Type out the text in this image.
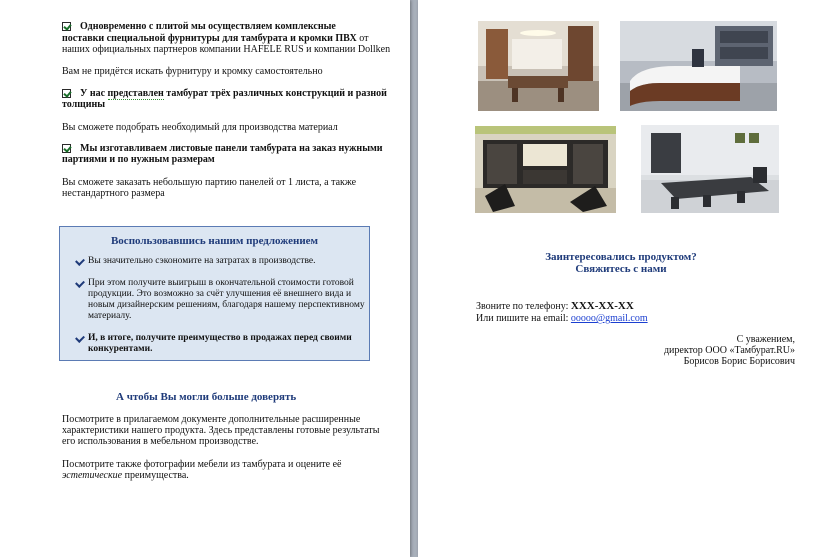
Одновременно с плитой мы осуществляем комплексные
поставки специальной фурнитуры для тамбурата и кромки ПВХ от
наших официальных партнеров компании HAFELE RUS и компании Dollken
Вам не придётся искать фурнитуру и кромку самостоятельно
У нас представлен тамбурат трёх различных конструкций и разной
толщины
Вы сможете подобрать необходимый для производства материал
Мы изготавливаем листовые панели тамбурата на заказ нужными
партиями и по нужным размерам
Вы сможете заказать небольшую партию панелей от 1 листа, а также
нестандартного размера
Воспользовавшись нашим предложением
Вы значительно сэкономите на затратах в производстве.
При этом получите выигрыш в окончательной стоимости готовой
продукции. Это возможно за счёт улучшения её внешнего вида и
новым дизайнерским решениям, благодаря нашему перспективному
материалу.
И, в итоге, получите преимущество в продажах перед своими
конкурентами.
А чтобы Вы могли больше доверять
Посмотрите в прилагаемом документе дополнительные расширенные
характеристики нашего продукта. Здесь представлены готовые результаты
его использования в мебельном производстве.
Посмотрите также фотографии мебели из тамбурата и оцените её
эстетические преимущества.
Заинтересовались продуктом?
Свяжитесь с нами
Звоните по телефону: XXX-XX-XX
Или пишите на email: ooooo@gmail.com
С уважением,
директор ООО «Тамбурат.RU»
Борисов Борис Борисович
